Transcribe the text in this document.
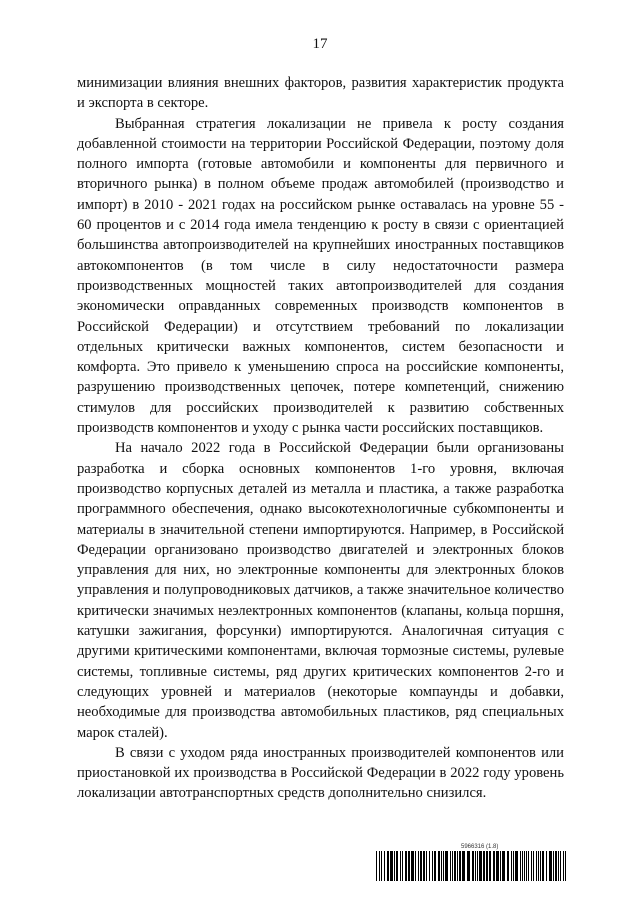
17

минимизации влияния внешних факторов, развития характеристик продукта и экспорта в секторе.

Выбранная стратегия локализации не привела к росту создания добавленной стоимости на территории Российской Федерации, поэтому доля полного импорта (готовые автомобили и компоненты для первичного и вторичного рынка) в полном объеме продаж автомобилей (производство и импорт) в 2010 - 2021 годах на российском рынке оставалась на уровне 55 - 60 процентов и с 2014 года имела тенденцию к росту в связи с ориентацией большинства автопроизводителей на крупнейших иностранных поставщиков автокомпонентов (в том числе в силу недостаточности размера производственных мощностей таких автопроизводителей для создания экономически оправданных современных производств компонентов в Российской Федерации) и отсутствием требований по локализации отдельных критически важных компонентов, систем безопасности и комфорта. Это привело к уменьшению спроса на российские компоненты, разрушению производственных цепочек, потере компетенций, снижению стимулов для российских производителей к развитию собственных производств компонентов и уходу с рынка части российских поставщиков.

На начало 2022 года в Российской Федерации были организованы разработка и сборка основных компонентов 1-го уровня, включая производство корпусных деталей из металла и пластика, а также разработка программного обеспечения, однако высокотехнологичные субкомпоненты и материалы в значительной степени импортируются. Например, в Российской Федерации организовано производство двигателей и электронных блоков управления для них, но электронные компоненты для электронных блоков управления и полупроводниковых датчиков, а также значительное количество критически значимых неэлектронных компонентов (клапаны, кольца поршня, катушки зажигания, форсунки) импортируются. Аналогичная ситуация с другими критическими компонентами, включая тормозные системы, рулевые системы, топливные системы, ряд других критических компонентов 2-го и следующих уровней и материалов (некоторые компаунды и добавки, необходимые для производства автомобильных пластиков, ряд специальных марок сталей).

В связи с уходом ряда иностранных производителей компонентов или приостановкой их производства в Российской Федерации в 2022 году уровень локализации автотранспортных средств дополнительно снизился.

5966316 (1.8)
